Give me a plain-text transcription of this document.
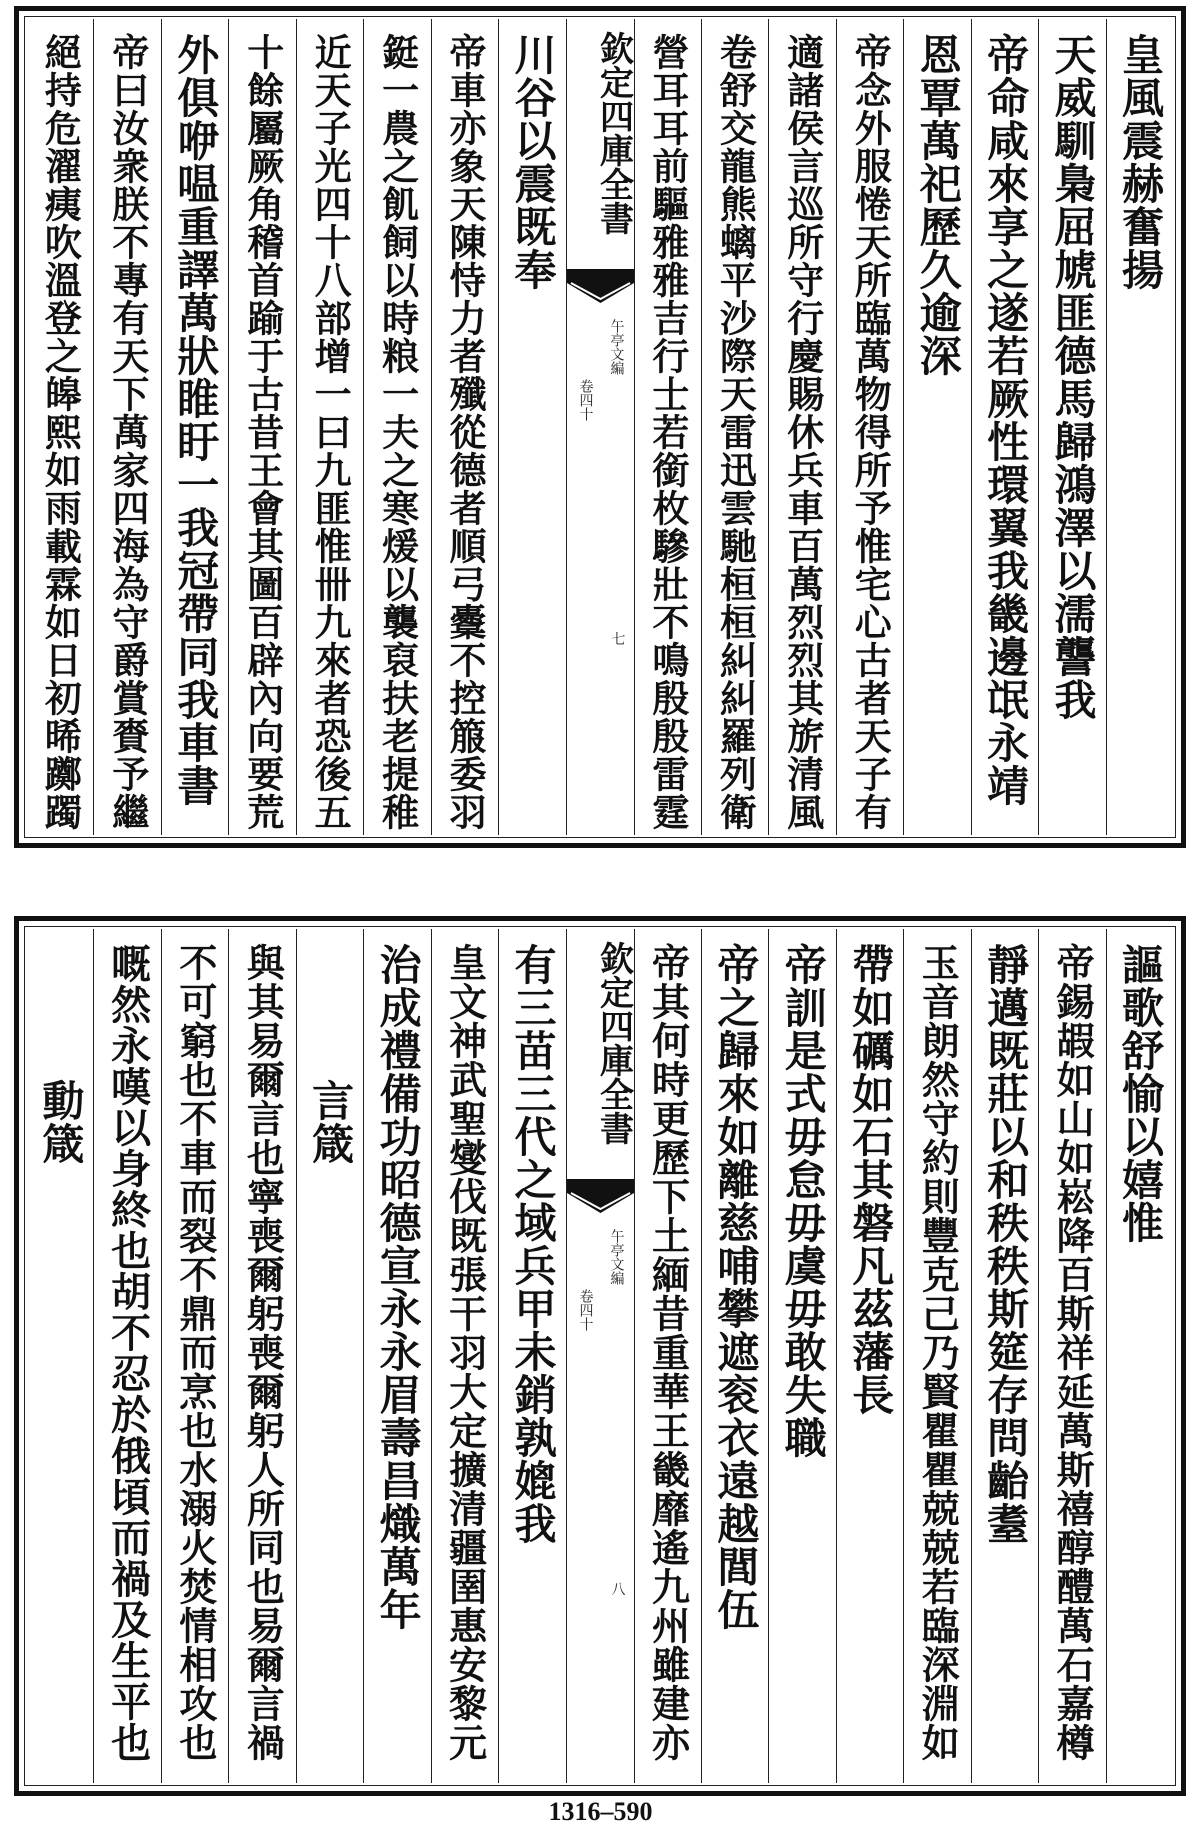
皇風震赫奮揚
天威馴梟屈虓匪德馬歸鴻澤以濡讋我
帝命咸來享之遂若厥性環翼我畿邊氓永靖
恩覃萬祀歷久逾深
帝念外服惓天所臨萬物得所予惟宅心古者天子有
適諸侯言巡所守行慶賜休兵車百萬烈烈其旂清風
卷舒交龍熊螭平沙際天雷迅雲馳桓桓糾糾羅列衛
營耳耳前驅雅雅吉行士若銜枚驂壯不鳴殷殷雷霆
欽定四庫全書
午亭文編
卷四十
七
川谷以震既奉
帝車亦象天陳恃力者殲從德者順弓櫜不控箙委羽
鋌一農之飢飼以時粮一夫之寒煖以襲裒扶老提稚
近天子光四十八部增一曰九匪惟卌九來者恐後五
十餘屬厥角稽首踰于古昔王會其圖百辟內向要荒
外俱咿嗢重譯萬狀睢盱一我冠帶同我車書
帝曰汝衆朕不專有天下萬家四海為守爵賞賚予繼
絕持危濯痍吹溫登之皞熙如雨載霖如日初晞躑躅
謳歌舒愉以嬉惟
帝錫嘏如山如崧降百斯祥延萬斯禧醇醴萬石嘉樽
靜邁既莊以和秩秩斯筵存問齝耋
玉音朗然守約則豐克己乃賢瞿瞿兢兢若臨深淵如
帶如礪如石其磐凡茲藩長
帝訓是式毋怠毋虞毋敢失職
帝之歸來如離慈哺攀遮衮衣遠越閭伍
帝其何時更歷下土緬昔重華王畿靡遙九州雖建亦
欽定四庫全書
午亭文編
卷四十
八
有三苗三代之域兵甲未銷孰媲我
皇文神武聖燮伐既張干羽大定擴清疆圉惠安黎元
治成禮備功昭德宣永永眉壽昌熾萬年
言箴
與其易爾言也寧喪爾躬喪爾躬人所同也易爾言禍
不可窮也不車而裂不鼎而烹也水溺火焚情相攻也
嘅然永嘆以身終也胡不忍於俄頃而禍及生平也
動箴
1316–590
